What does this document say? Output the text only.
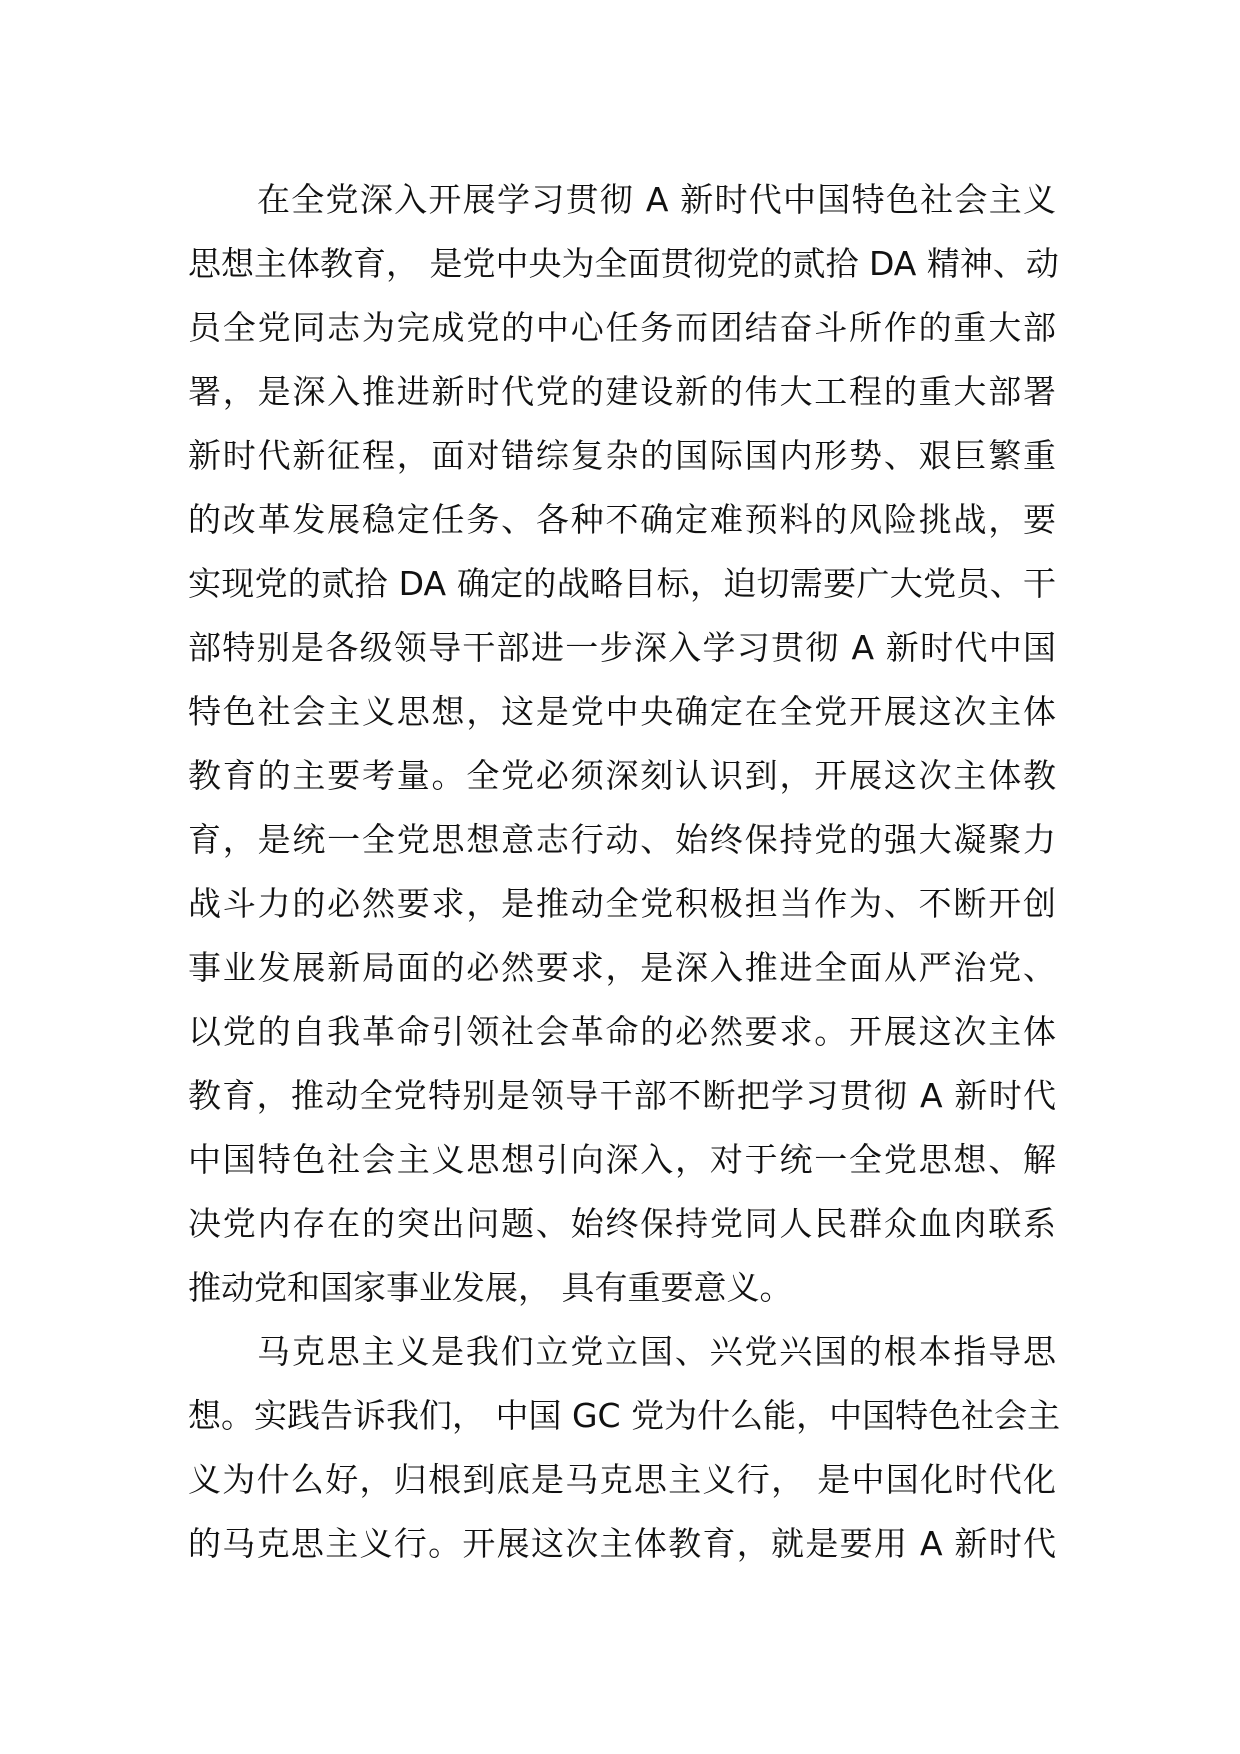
在全党深入开展学习贯彻 A 新时代中国特色社会主义
思想主体教育， 是党中央为全面贯彻党的贰拾 DA 精神、动
员全党同志为完成党的中心任务而团结奋斗所作的重大部
署，是深入推进新时代党的建设新的伟大工程的重大部署
新时代新征程，面对错综复杂的国际国内形势、艰巨繁重
的改革发展稳定任务、各种不确定难预料的风险挑战，要
实现党的贰拾 DA 确定的战略目标，迫切需要广大党员、干
部特别是各级领导干部进一步深入学习贯彻 A 新时代中国
特色社会主义思想，这是党中央确定在全党开展这次主体
教育的主要考量。全党必须深刻认识到，开展这次主体教
育，是统一全党思想意志行动、始终保持党的强大凝聚力
战斗力的必然要求，是推动全党积极担当作为、不断开创
事业发展新局面的必然要求，是深入推进全面从严治党、
以党的自我革命引领社会革命的必然要求。开展这次主体
教育，推动全党特别是领导干部不断把学习贯彻 A 新时代
中国特色社会主义思想引向深入，对于统一全党思想、解
决党内存在的突出问题、始终保持党同人民群众血肉联系
推动党和国家事业发展， 具有重要意义。
马克思主义是我们立党立国、兴党兴国的根本指导思
想。实践告诉我们， 中国 GC 党为什么能，中国特色社会主
义为什么好，归根到底是马克思主义行， 是中国化时代化
的马克思主义行。开展这次主体教育，就是要用 A 新时代
